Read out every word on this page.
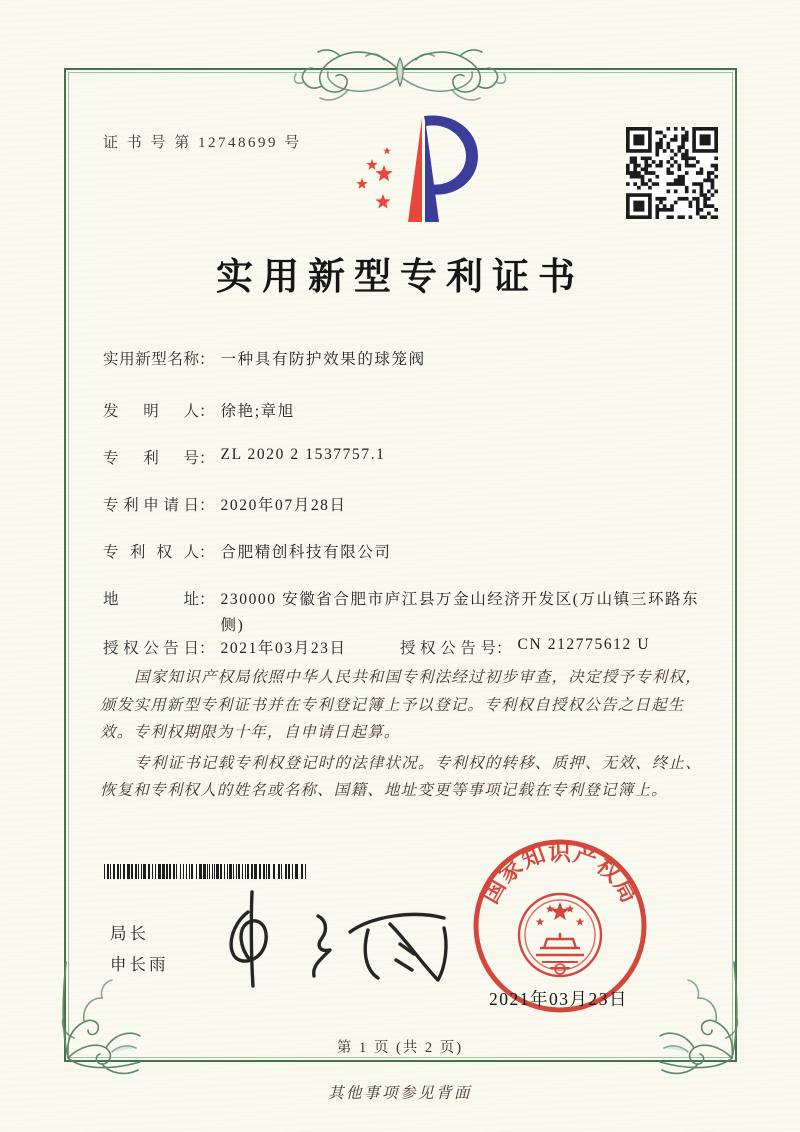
证 书 号 第 12748699 号
实用新型专利证书
实 用 新 型 名 称 ： 一种具有防护效果的球笼阀
发 明 人 ： 徐艳;章旭
专 利 号 ： ZL 2020 2 1537757.1
专 利 申 请 日 ： 2020年07月28日
专 利 权 人 ： 合肥精创科技有限公司
地	址 ： 230000 安徽省合肥市庐江县万金山经济开发区(万山镇三环路东侧)
授 权 公 告 日 ： 2021年03月23日	授 权 公 告 号 ： CN 212775612 U

国家知识产权局依照中华人民共和国专利法经过初步审查，决定授予专利权，颁发实用新型专利证书并在专利登记簿上予以登记。专利权自授权公告之日起生效。专利权期限为十年，自申请日起算。

专利证书记载专利权登记时的法律状况。专利权的转移、质押、无效、终止、恢复和专利权人的姓名或名称、国籍、地址变更等事项记载在专利登记簿上。

局长
申长雨
国家知识产权局
2021年03月23日
第 1 页 (共 2 页)
其他事项参见背面
